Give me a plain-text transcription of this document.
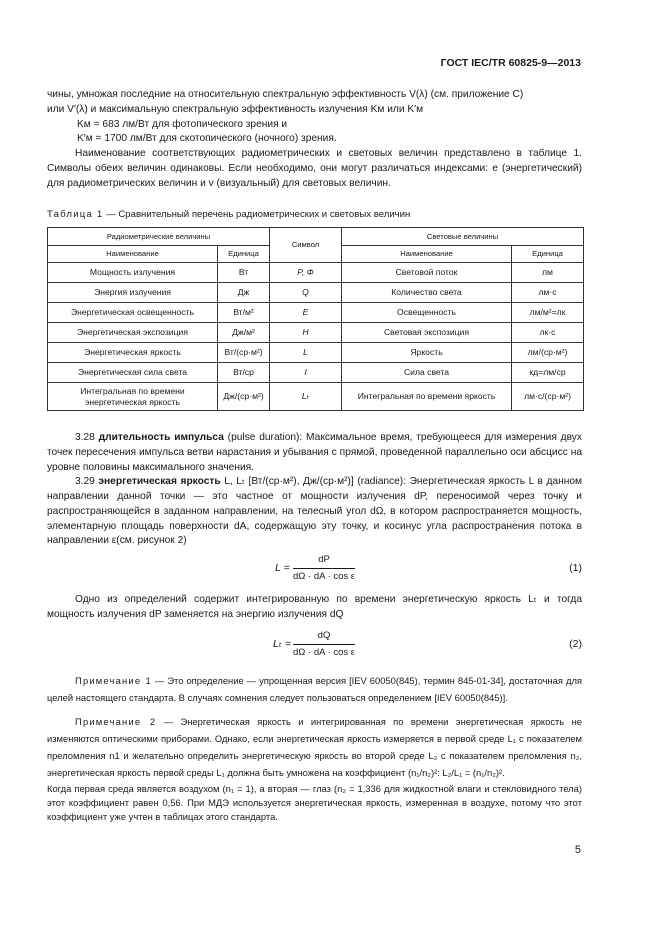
ГОСТ IEC/TR 60825-9—2013

чины, умножая последние на относительную спектральную эффективность V(λ) (см. приложение С)

или V′(λ) и максимальную спектральную эффективность излучения Kм или K′м

Kм = 683 лм/Вт для фотопического зрения и

K′м = 1700 лм/Вт для скотопического (ночного) зрения.

Наименование соответствующих радиометрических и световых величин представлено в таблице 1. Символы обеих величин одинаковы. Если необходимо, они могут различаться индексами: e (энергетический) для радиометрических величин и v (визуальный) для световых величин.

Таблица 1 — Сравнительный перечень радиометрических и световых величин
Радиометрические величины		Символ	Световые величины	
Наименование	Единица		Наименование	Единица
Мощность излучения	Вт	P, Φ	Световой поток	лм
Энергия излучения	Дж	Q	Количество света	лм·с
Энергетическая освещенность	Вт/м²	E	Освещенность	лм/м²=лк
Энергетическая экспозиция	Дж/м²	H	Световая экспозиция	лк·с
Энергетическая яркость	Вт/(ср·м²)	L	Яркость	лм/(ср·м²)
Энергетическая сила света	Вт/ср	I	Сила света	кд=лм/ср
Интегральная по времени энергетическая яркость	Дж/(ср·м²)	Lₜ	Интегральная по времени яркость	лм·с/(ср·м²)

3.28 длительность импульса (pulse duration): Максимальное время, требующееся для измерения двух точек пересечения импульса ветви нарастания и убывания с прямой, проведенной параллельно оси абсцисс на уровне половины максимального значения.

3.29 энергетическая яркость L, Lₜ [Вт/(ср·м²), Дж/(ср·м²)] (radiance): Энергетическая яркость L в данном направлении данной точки — это частное от мощности излучения dP, переносимой через точку и распространяющейся в заданном направлении, на телесный угол dΩ, в котором распространяется мощность, элементарную площадь поверхности dA, содержащую эту точку, и косинус угла распространения потока в направлении ε(см. рисунок 2)

$L = \frac{dP}{\text{dΩ · dA · cos ε}}$	(1)

Одно из определений содержит интегрированную по времени энергетическую яркость Lₜ и тогда мощность излучения dP заменяется на энергию излучения dQ

$L_t = \frac{dQ}{\text{dΩ · dA · cos ε}}$	(2)

Примечание 1 — Это определение — упрощенная версия [IEV 60050(845), термин 845-01-34], достаточная для целей настоящего стандарта. В случаях сомнения следует пользоваться определением [IEV 60050(845)].

Примечание 2 — Энергетическая яркость и интегрированная по времени энергетическая яркость не изменяются оптическими приборами. Однако, если энергетическая яркость измеряется в первой среде L₁ с показателем преломления n1 и желательно определить энергетическую яркость во второй среде L₂ с показателем преломления n₂, энергетическая яркость первой среды L₁ должна быть умножена на коэффициент (n₁/n₂)²: L₂/L₁ = (n₁/n₂)².

Когда первая среда является воздухом (n₁ = 1), а вторая — глаз (n₂ = 1,336 для жидкостной влаги и стекловидного тела) этот коэффициент равен 0,56. При МДЭ используется энергетическая яркость, измеренная в воздухе, потому что этот коэффициент уже учтен в таблицах этого стандарта.

5
